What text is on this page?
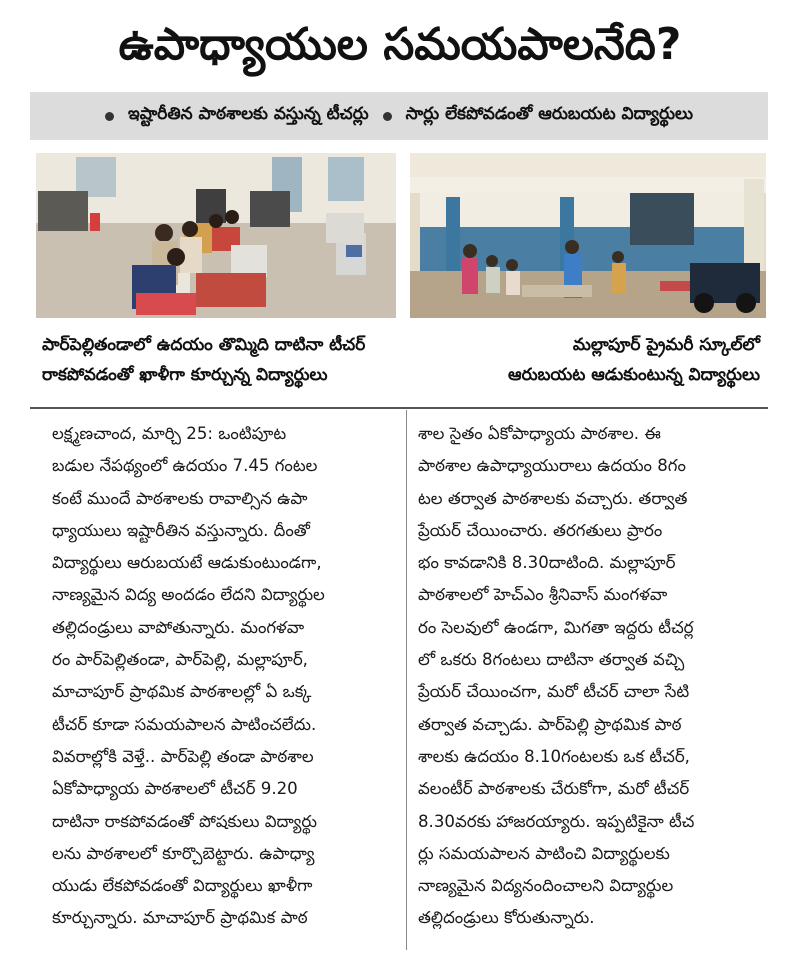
ఉపాధ్యాయుల సమయపాలనేది?
ఇష్టారీతిన పాఠశాలకు వస్తున్న టీచర్లు సార్లు లేకపోవడంతో ఆరుబయట విద్యార్థులు
పార్‌పెల్లితండాలో ఉదయం తొమ్మిది దాటినా టీచర్
రాకపోవడంతో ఖాళీగా కూర్చున్న విద్యార్థులు
మల్లాపూర్ ప్రైమరీ స్కూల్‌లో
ఆరుబయట ఆడుకుంటున్న విద్యార్థులు

లక్ష్మణచాంద, మార్చి 25: ఒంటిపూట

బడుల నేపథ్యంలో ఉదయం 7.45 గంటల

కంటే ముందే పాఠశాలకు రావాల్సిన ఉపా

ధ్యాయులు ఇష్టారీతిన వస్తున్నారు. దీంతో

విద్యార్థులు ఆరుబయటే ఆడుకుంటుండగా,

నాణ్యమైన విద్య అందడం లేదని విద్యార్థుల

తల్లిదండ్రులు వాపోతున్నారు. మంగళవా

రం పార్‌పెల్లితండా, పార్‌పెల్లి, మల్లాపూర్,

మాచాపూర్ ప్రాథమిక పాఠశాలల్లో ఏ ఒక్క

టీచర్ కూడా సమయపాలన పాటించలేదు.

వివరాల్లోకి వెళ్తే.. పార్‌పెల్లి తండా పాఠశాల

ఏకోపాధ్యాయ పాఠశాలలో టీచర్ 9.20

దాటినా రాకపోవడంతో పోషకులు విద్యార్థు

లను పాఠశాలలో కూర్చొబెట్టారు. ఉపాధ్యా

యుడు లేకపోవడంతో విద్యార్థులు ఖాళీగా

కూర్చున్నారు. మాచాపూర్ ప్రాథమిక పాఠ

శాల సైతం ఏకోపాధ్యాయ పాఠశాల. ఈ

పాఠశాల ఉపాధ్యాయురాలు ఉదయం 8గం

టల తర్వాత పాఠశాలకు వచ్చారు. తర్వాత

ప్రేయర్ చేయించారు. తరగతులు ప్రారం

భం కావడానికి 8.30దాటింది. మల్లాపూర్

పాఠశాలలో హెచ్‌ఎం శ్రీనివాస్ మంగళవా

రం సెలవులో ఉండగా, మిగతా ఇద్దరు టీచర్ల

లో ఒకరు 8గంటలు దాటినా తర్వాత వచ్చి

ప్రేయర్ చేయించగా, మరో టీచర్ చాలా సేటి

తర్వాత వచ్చాడు. పార్‌పెల్లి ప్రాథమిక పాఠ

శాలకు ఉదయం 8.10గంటలకు ఒక టీచర్,

వలంటీర్ పాఠశాలకు చేరుకోగా, మరో టీచర్

8.30వరకు హాజరయ్యారు. ఇప్పటికైనా టీచ

ర్లు సమయపాలన పాటించి విద్యార్థులకు

నాణ్యమైన విద్యనందించాలని విద్యార్థుల

తల్లిదండ్రులు కోరుతున్నారు.
